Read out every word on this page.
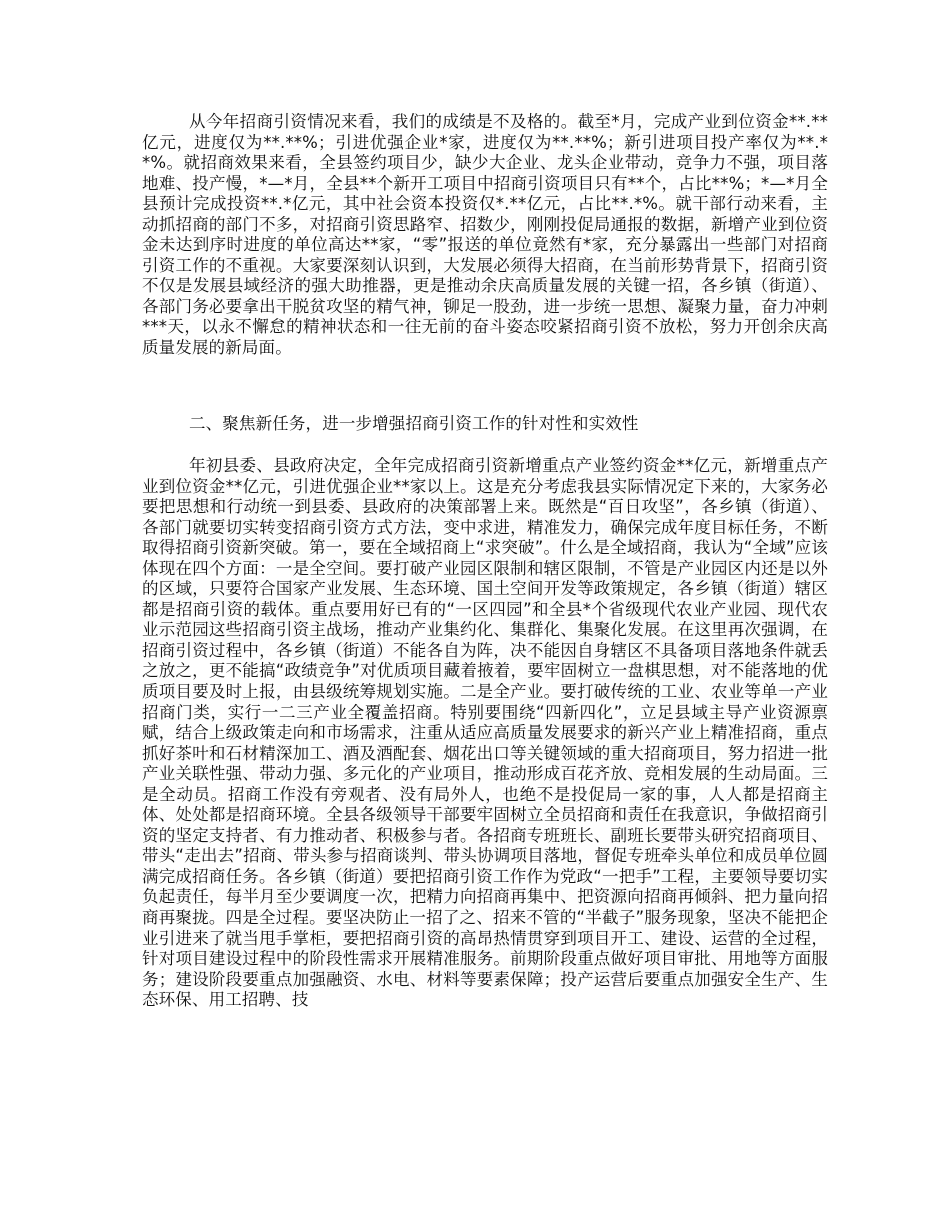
从今年招商引资情况来看，我们的成绩是不及格的。截至*月，完成产业到位资金**.**亿元，进度仅为**.**%；引进优强企业*家，进度仅为**.**%；新引进项目投产率仅为**.**%。就招商效果来看，全县签约项目少，缺少大企业、龙头企业带动，竞争力不强，项目落地难、投产慢，*—*月，全县**个新开工项目中招商引资项目只有**个，占比**%；*—*月全县预计完成投资**.*亿元，其中社会资本投资仅*.**亿元，占比**.*%。就干部行动来看，主动抓招商的部门不多，对招商引资思路窄、招数少，刚刚投促局通报的数据，新增产业到位资金未达到序时进度的单位高达**家，“零”报送的单位竟然有*家，充分暴露出一些部门对招商引资工作的不重视。大家要深刻认识到，大发展必须得大招商，在当前形势背景下，招商引资不仅是发展县域经济的强大助推器，更是推动余庆高质量发展的关键一招，各乡镇（街道）、各部门务必要拿出干脱贫攻坚的精气神，铆足一股劲，进一步统一思想、凝聚力量，奋力冲刺***天，以永不懈怠的精神状态和一往无前的奋斗姿态咬紧招商引资不放松，努力开创余庆高质量发展的新局面。

二、聚焦新任务，进一步增强招商引资工作的针对性和实效性

年初县委、县政府决定，全年完成招商引资新增重点产业签约资金**亿元，新增重点产业到位资金**亿元，引进优强企业**家以上。这是充分考虑我县实际情况定下来的，大家务必要把思想和行动统一到县委、县政府的决策部署上来。既然是“百日攻坚”，各乡镇（街道）、各部门就要切实转变招商引资方式方法，变中求进，精准发力，确保完成年度目标任务，不断取得招商引资新突破。第一，要在全域招商上“求突破”。什么是全域招商，我认为“全域”应该体现在四个方面：一是全空间。要打破产业园区限制和辖区限制，不管是产业园区内还是以外的区域，只要符合国家产业发展、生态环境、国土空间开发等政策规定，各乡镇（街道）辖区都是招商引资的载体。重点要用好已有的“一区四园”和全县*个省级现代农业产业园、现代农业示范园这些招商引资主战场，推动产业集约化、集群化、集聚化发展。在这里再次强调，在招商引资过程中，各乡镇（街道）不能各自为阵，决不能因自身辖区不具备项目落地条件就丢之放之，更不能搞“政绩竞争”对优质项目藏着掖着，要牢固树立一盘棋思想，对不能落地的优质项目要及时上报，由县级统筹规划实施。二是全产业。要打破传统的工业、农业等单一产业招商门类，实行一二三产业全覆盖招商。特别要围绕“四新四化”，立足县域主导产业资源禀赋，结合上级政策走向和市场需求，注重从适应高质量发展要求的新兴产业上精准招商，重点抓好茶叶和石材精深加工、酒及酒配套、烟花出口等关键领域的重大招商项目，努力招进一批产业关联性强、带动力强、多元化的产业项目，推动形成百花齐放、竞相发展的生动局面。三是全动员。招商工作没有旁观者、没有局外人，也绝不是投促局一家的事，人人都是招商主体、处处都是招商环境。全县各级领导干部要牢固树立全员招商和责任在我意识，争做招商引资的坚定支持者、有力推动者、积极参与者。各招商专班班长、副班长要带头研究招商项目、带头“走出去”招商、带头参与招商谈判、带头协调项目落地，督促专班牵头单位和成员单位圆满完成招商任务。各乡镇（街道）要把招商引资工作作为党政“一把手”工程，主要领导要切实负起责任，每半月至少要调度一次，把精力向招商再集中、把资源向招商再倾斜、把力量向招商再聚拢。四是全过程。要坚决防止一招了之、招来不管的“半截子”服务现象，坚决不能把企业引进来了就当甩手掌柜，要把招商引资的高昂热情贯穿到项目开工、建设、运营的全过程，针对项目建设过程中的阶段性需求开展精准服务。前期阶段重点做好项目审批、用地等方面服务；建设阶段要重点加强融资、水电、材料等要素保障；投产运营后要重点加强安全生产、生态环保、用工招聘、技
